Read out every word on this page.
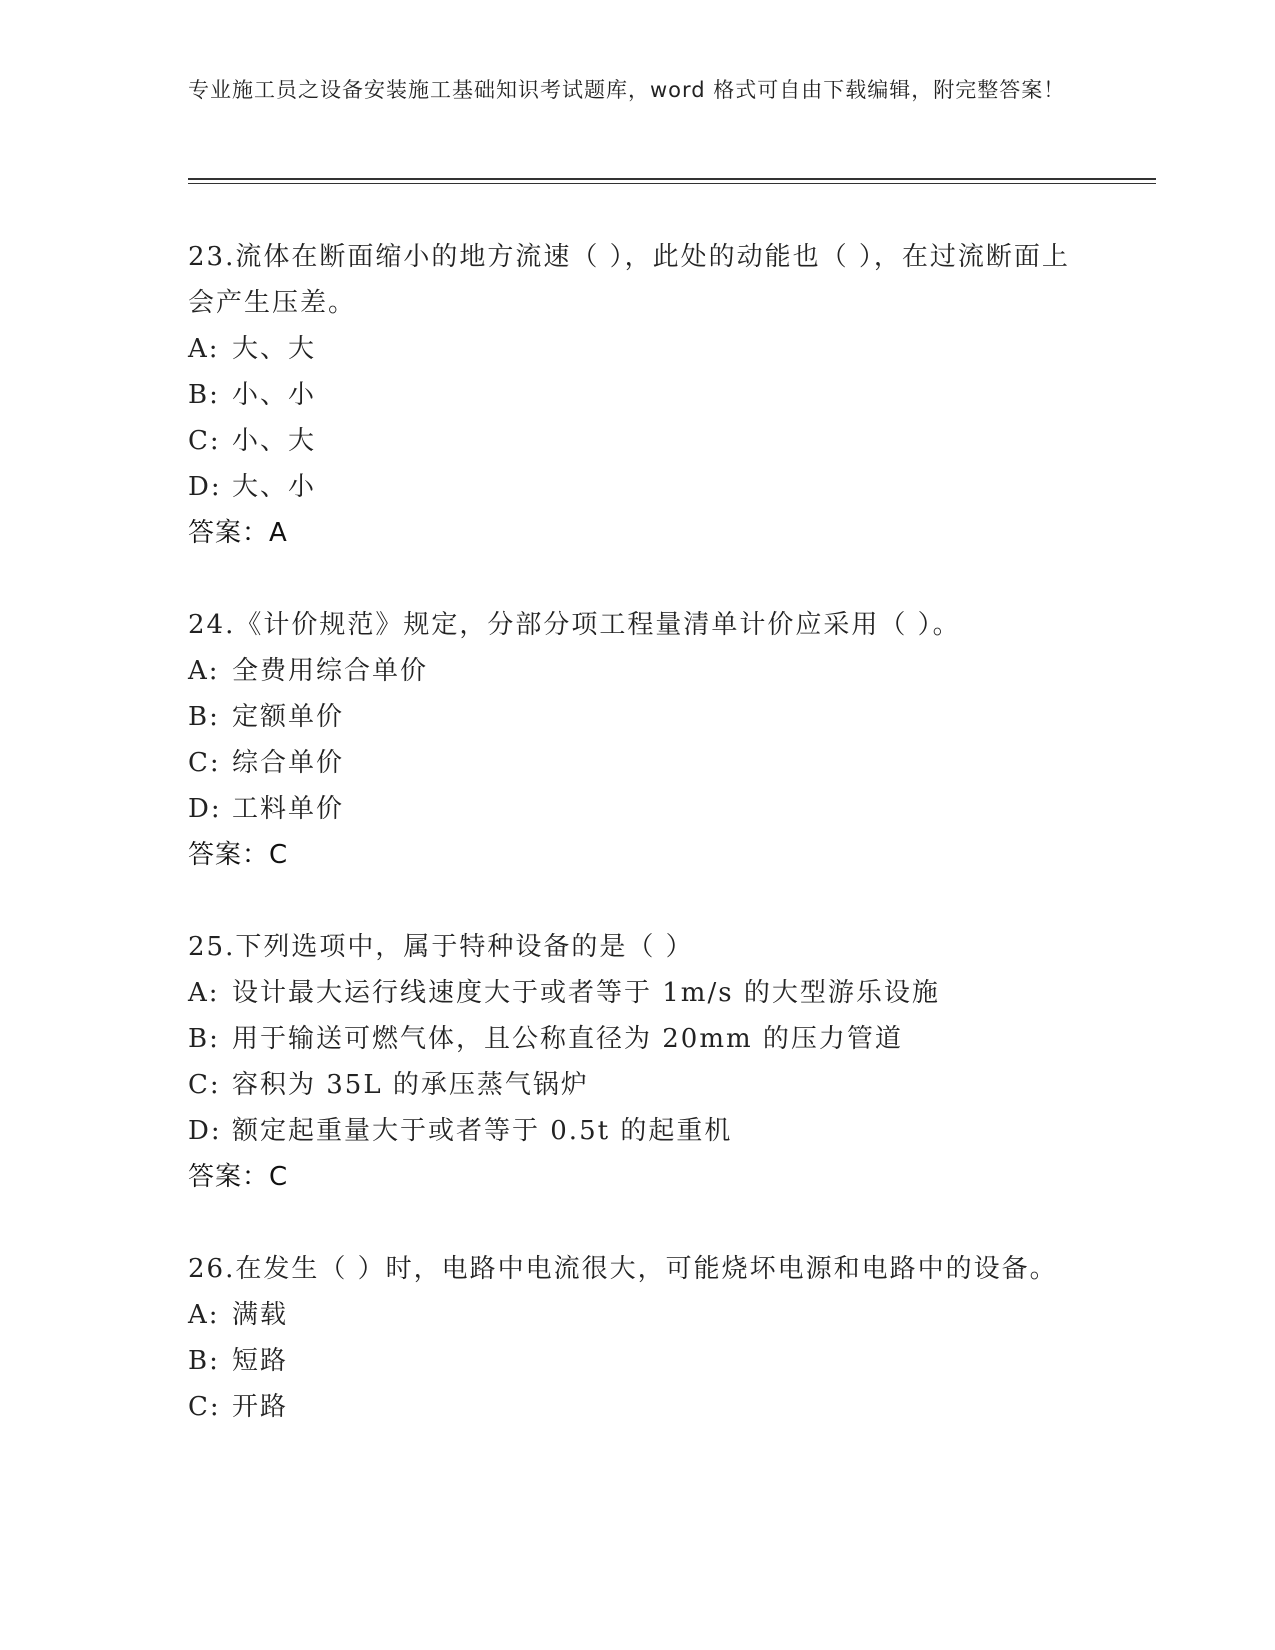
专业施工员之设备安装施工基础知识考试题库，word 格式可自由下载编辑，附完整答案！
23.流体在断面缩小的地方流速（ ），此处的动能也（ ），在过流断面上会产生压差。
A: 大、大
B: 小、小
C: 小、大
D: 大、小
答案：A
24.《计价规范》规定，分部分项工程量清单计价应采用（ ）。
A: 全费用综合单价
B: 定额单价
C: 综合单价
D: 工料单价
答案：C
25.下列选项中，属于特种设备的是（ ）
A: 设计最大运行线速度大于或者等于 1m/s 的大型游乐设施
B: 用于输送可燃气体，且公称直径为 20mm 的压力管道
C: 容积为 35L 的承压蒸气锅炉
D: 额定起重量大于或者等于 0.5t 的起重机
答案：C
26.在发生（ ）时，电路中电流很大，可能烧坏电源和电路中的设备。
A: 满载
B: 短路
C: 开路
